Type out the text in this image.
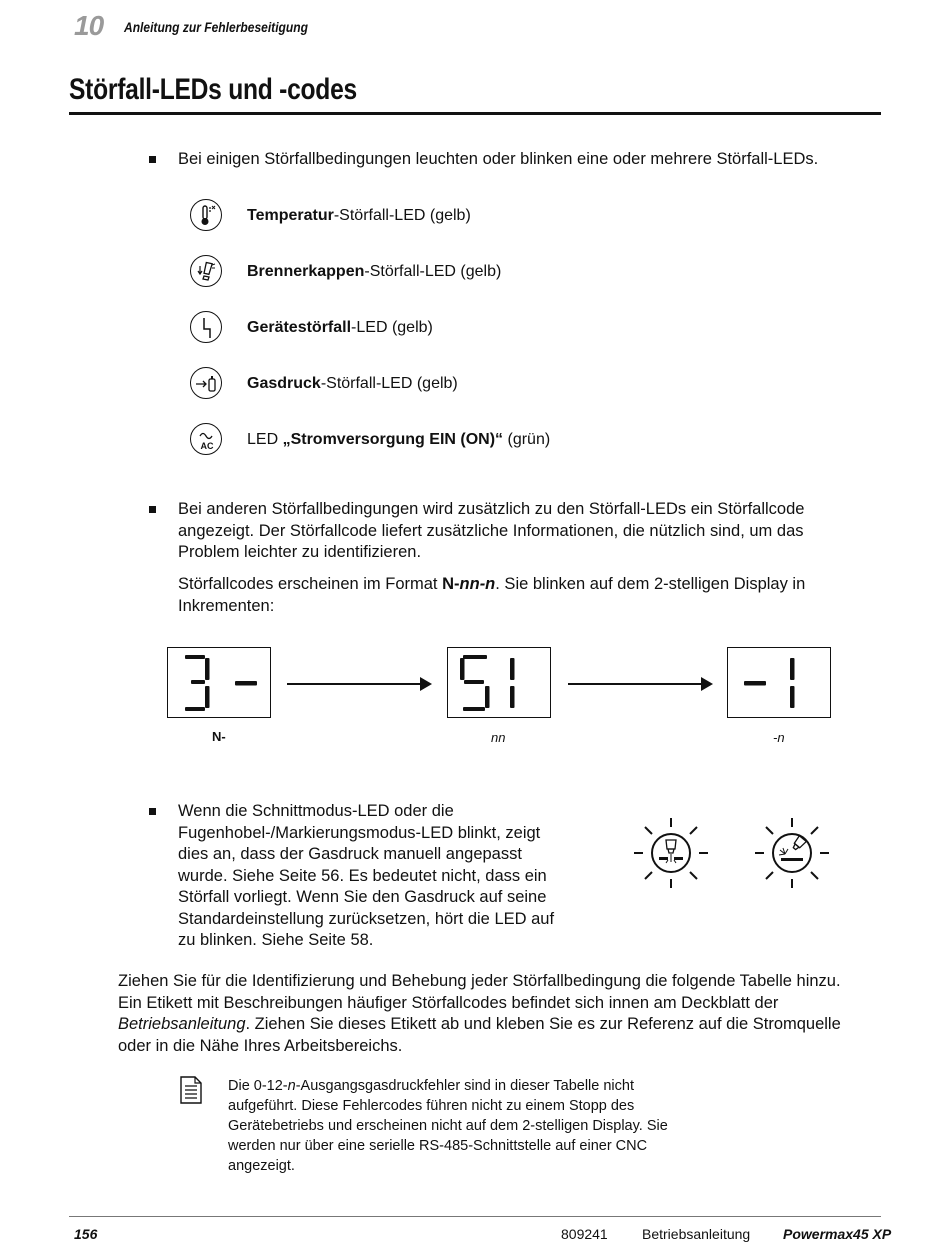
10 Anleitung zur Fehlerbeseitigung
Störfall-LEDs und -codes
Bei einigen Störfallbedingungen leuchten oder blinken eine oder mehrere Störfall-LEDs.
Temperatur-Störfall-LED (gelb)
Brennerkappen-Störfall-LED (gelb)
Gerätestörfall-LED (gelb)
Gasdruck-Störfall-LED (gelb)
AC LED „Stromversorgung EIN (ON)“ (grün)
Bei anderen Störfallbedingungen wird zusätzlich zu den Störfall-LEDs ein Störfallcode
angezeigt. Der Störfallcode liefert zusätzliche Informationen, die nützlich sind, um das
Problem leichter zu identifizieren.
Störfallcodes erscheinen im Format N-nn-n. Sie blinken auf dem 2-stelligen Display in
Inkrementen:
N-	nn	-n
Wenn die Schnittmodus-LED oder die
Fugenhobel-/Markierungsmodus-LED blinkt, zeigt
dies an, dass der Gasdruck manuell angepasst
wurde. Siehe Seite 56. Es bedeutet nicht, dass ein
Störfall vorliegt. Wenn Sie den Gasdruck auf seine
Standardeinstellung zurücksetzen, hört die LED auf
zu blinken. Siehe Seite 58.
Ziehen Sie für die Identifizierung und Behebung jeder Störfallbedingung die folgende Tabelle hinzu.
Ein Etikett mit Beschreibungen häufiger Störfallcodes befindet sich innen am Deckblatt der
Betriebsanleitung. Ziehen Sie dieses Etikett ab und kleben Sie es zur Referenz auf die Stromquelle
oder in die Nähe Ihres Arbeitsbereichs.
Die 0-12-n-Ausgangsgasdruckfehler sind in dieser Tabelle nicht
aufgeführt. Diese Fehlercodes führen nicht zu einem Stopp des
Gerätebetriebs und erscheinen nicht auf dem 2-stelligen Display. Sie
werden nur über eine serielle RS-485-Schnittstelle auf einer CNC
angezeigt.
156	809241 Betriebsanleitung Powermax45 XP
